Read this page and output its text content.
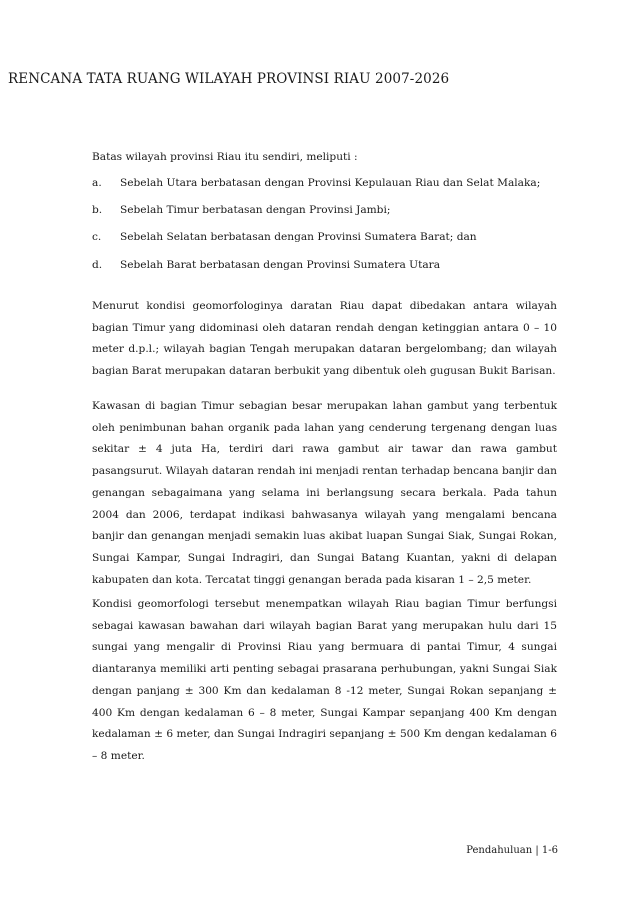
RENCANA TATA RUANG WILAYAH PROVINSI RIAU 2007-2026
Batas wilayah provinsi Riau itu sendiri, meliputi :
a. Sebelah Utara berbatasan dengan Provinsi Kepulauan Riau dan Selat Malaka;
b. Sebelah Timur berbatasan dengan Provinsi Jambi;
c. Sebelah Selatan berbatasan dengan Provinsi Sumatera Barat; dan
d. Sebelah Barat berbatasan dengan Provinsi Sumatera Utara

Menurut kondisi geomorfologinya daratan Riau dapat dibedakan antara wilayah bagian Timur yang didominasi oleh dataran rendah dengan ketinggian antara 0 – 10 meter d.p.l.; wilayah bagian Tengah merupakan dataran bergelombang; dan wilayah bagian Barat merupakan dataran berbukit yang dibentuk oleh gugusan Bukit Barisan.

Kawasan di bagian Timur sebagian besar merupakan lahan gambut yang terbentuk oleh penimbunan bahan organik pada lahan yang cenderung tergenang dengan luas sekitar ± 4 juta Ha, terdiri dari rawa gambut air tawar dan rawa gambut pasangsurut. Wilayah dataran rendah ini menjadi rentan terhadap bencana banjir dan genangan sebagaimana yang selama ini berlangsung secara berkala. Pada tahun 2004 dan 2006, terdapat indikasi bahwasanya wilayah yang mengalami bencana banjir dan genangan menjadi semakin luas akibat luapan Sungai Siak, Sungai Rokan, Sungai Kampar, Sungai Indragiri, dan Sungai Batang Kuantan, yakni di delapan kabupaten dan kota. Tercatat tinggi genangan berada pada kisaran 1 – 2,5 meter.

Kondisi geomorfologi tersebut menempatkan wilayah Riau bagian Timur berfungsi sebagai kawasan bawahan dari wilayah bagian Barat yang merupakan hulu dari 15 sungai yang mengalir di Provinsi Riau yang bermuara di pantai Timur, 4 sungai diantaranya memiliki arti penting sebagai prasarana perhubungan, yakni Sungai Siak dengan panjang ± 300 Km dan kedalaman 8 -12 meter, Sungai Rokan sepanjang ± 400 Km dengan kedalaman 6 – 8 meter, Sungai Kampar sepanjang 400 Km dengan kedalaman ± 6 meter, dan Sungai Indragiri sepanjang ± 500 Km dengan kedalaman 6 – 8 meter.

Pendahuluan | 1-6
